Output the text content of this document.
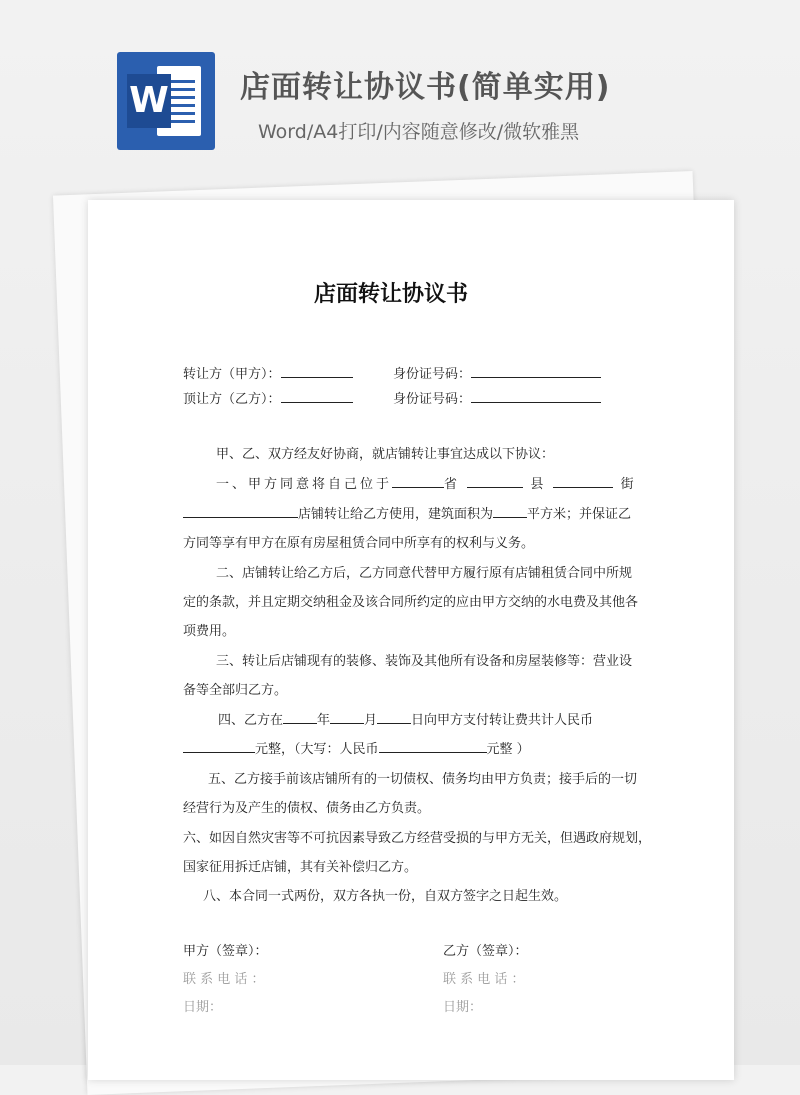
W 店面转让协议书(简单实用)
Word/A4打印/内容随意修改/微软雅黑
店面转让协议书
转让方（甲方）：	身份证号码：
顶让方（乙方）：	身份证号码：
甲、乙、双方经友好协商，就店铺转让事宜达成以下协议：
一、甲方同意将自己位于	省	县	街
店铺转让给乙方使用，建筑面积为	平方米；并保证乙
方同等享有甲方在原有房屋租赁合同中所享有的权利与义务。
二、店铺转让给乙方后，乙方同意代替甲方履行原有店铺租赁合同中所规
定的条款，并且定期交纳租金及该合同所约定的应由甲方交纳的水电费及其他各
项费用。
三、转让后店铺现有的装修、装饰及其他所有设备和房屋装修等：营业设
备等全部归乙方。
四、乙方在	年	月	日向甲方支付转让费共计人民币
元整，（大写：人民币	元整 ）
五、乙方接手前该店铺所有的一切债权、债务均由甲方负责；接手后的一切
经营行为及产生的债权、债务由乙方负责。
六、如因自然灾害等不可抗因素导致乙方经营受损的与甲方无关，但遇政府规划，
国家征用拆迁店铺，其有关补偿归乙方。
八、本合同一式两份，双方各执一份，自双方签字之日起生效。
甲方（签章）：	乙方（签章）：
联 系 电 话 ：	联 系 电 话 ：
日期：	日期：
